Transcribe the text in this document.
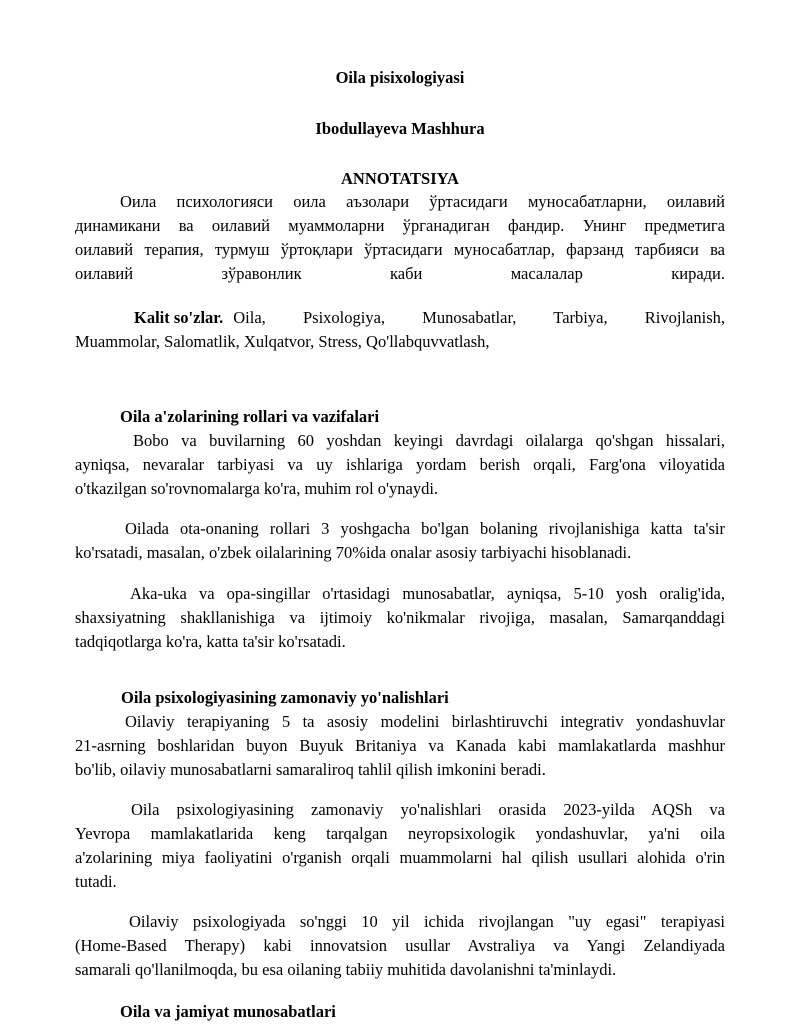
Oila pisixologiyasi
Ibodullayeva Mashhura
ANNOTATSIYA
Оила психологияси оила аъзолари ўртасидаги муносабатларни, оилавий
динамикани ва оилавий муаммоларни ўрганадиган фандир. Унинг предметига
оилавий терапия, турмуш ўртоқлари ўртасидаги муносабатлар, фарзанд тарбияси ва
оилавий зўравонлик каби масалалар киради.
Kalit so'zlar. Oila, Psixologiya, Munosabatlar, Tarbiya, Rivojlanish,
Muammolar, Salomatlik, Xulqatvor, Stress, Qo'llabquvvatlash,
Oila a'zolarining rollari va vazifalari
Bobo va buvilarning 60 yoshdan keyingi davrdagi oilalarga qo'shgan hissalari,
ayniqsa, nevaralar tarbiyasi va uy ishlariga yordam berish orqali, Farg'ona viloyatida
o'tkazilgan so'rovnomalarga ko'ra, muhim rol o'ynaydi.
Oilada ota-onaning rollari 3 yoshgacha bo'lgan bolaning rivojlanishiga katta ta'sir
ko'rsatadi, masalan, o'zbek oilalarining 70%ida onalar asosiy tarbiyachi hisoblanadi.
Aka-uka va opa-singillar o'rtasidagi munosabatlar, ayniqsa, 5-10 yosh oralig'ida,
shaxsiyatning shakllanishiga va ijtimoiy ko'nikmalar rivojiga, masalan, Samarqanddagi
tadqiqotlarga ko'ra, katta ta'sir ko'rsatadi.
Oila psixologiyasining zamonaviy yo'nalishlari
Oilaviy terapiyaning 5 ta asosiy modelini birlashtiruvchi integrativ yondashuvlar
21-asrning boshlaridan buyon Buyuk Britaniya va Kanada kabi mamlakatlarda mashhur
bo'lib, oilaviy munosabatlarni samaraliroq tahlil qilish imkonini beradi.
Oila psixologiyasining zamonaviy yo'nalishlari orasida 2023-yilda AQSh va
Yevropa mamlakatlarida keng tarqalgan neyropsixologik yondashuvlar, ya'ni oila
a'zolarining miya faoliyatini o'rganish orqali muammolarni hal qilish usullari alohida o'rin
tutadi.
Oilaviy psixologiyada so'nggi 10 yil ichida rivojlangan "uy egasi" terapiyasi
(Home-Based Therapy) kabi innovatsion usullar Avstraliya va Yangi Zelandiyada
samarali qo'llanilmoqda, bu esa oilaning tabiiy muhitida davolanishni ta'minlaydi.
Oila va jamiyat munosabatlari
